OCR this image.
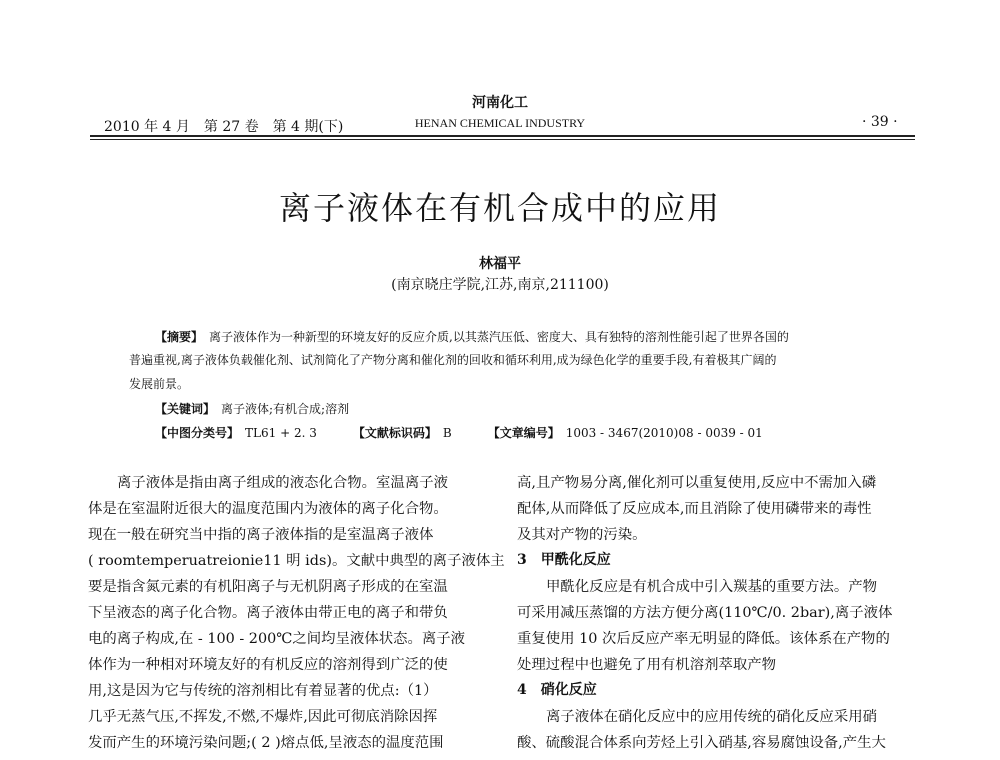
河南化工
2010 年 4 月　第 27 卷　第 4 期(下)	HENAN CHEMICAL INDUSTRY	· 39 ·
离子液体在有机合成中的应用
林福平
(南京晓庄学院,江苏,南京,211100)
【摘要】  离子液体作为一种新型的环境友好的反应介质,以其蒸汽压低、密度大、具有独特的溶剂性能引起了世界各国的
普遍重视,离子液体负载催化剂、试剂简化了产物分离和催化剂的回收和循环利用,成为绿色化学的重要手段,有着极其广阔的
发展前景。
【关键词】  离子液体;有机合成;溶剂
【中图分类号】  TL61 + 2. 3	【文献标识码】  B	【文章编号】  1003 - 3467(2010)08 - 0039 - 01
离子液体是指由离子组成的液态化合物。室温离子液
体是在室温附近很大的温度范围内为液体的离子化合物。
现在一般在研究当中指的离子液体指的是室温离子液体
( roomtemperuatreionie11 明 ids)。文献中典型的离子液体主
要是指含氮元素的有机阳离子与无机阴离子形成的在室温
下呈液态的离子化合物。离子液体由带正电的离子和带负
电的离子构成,在 - 100 - 200℃之间均呈液体状态。离子液
体作为一种相对环境友好的有机反应的溶剂得到广泛的使
用,这是因为它与传统的溶剂相比有着显著的优点:（1）
几乎无蒸气压,不挥发,不燃,不爆炸,因此可彻底消除因挥
发而产生的环境污染问题;( 2 )熔点低,呈液态的温度范围
高,且产物易分离,催化剂可以重复使用,反应中不需加入磷
配体,从而降低了反应成本,而且消除了使用磷带来的毒性
及其对产物的污染。
3　甲酰化反应
甲酰化反应是有机合成中引入羰基的重要方法。产物
可采用减压蒸馏的方法方便分离(110℃/0. 2bar),离子液体
重复使用 10 次后反应产率无明显的降低。该体系在产物的
处理过程中也避免了用有机溶剂萃取产物
4　硝化反应
离子液体在硝化反应中的应用传统的硝化反应采用硝
酸、硫酸混合体系向芳烃上引入硝基,容易腐蚀设备,产生大
